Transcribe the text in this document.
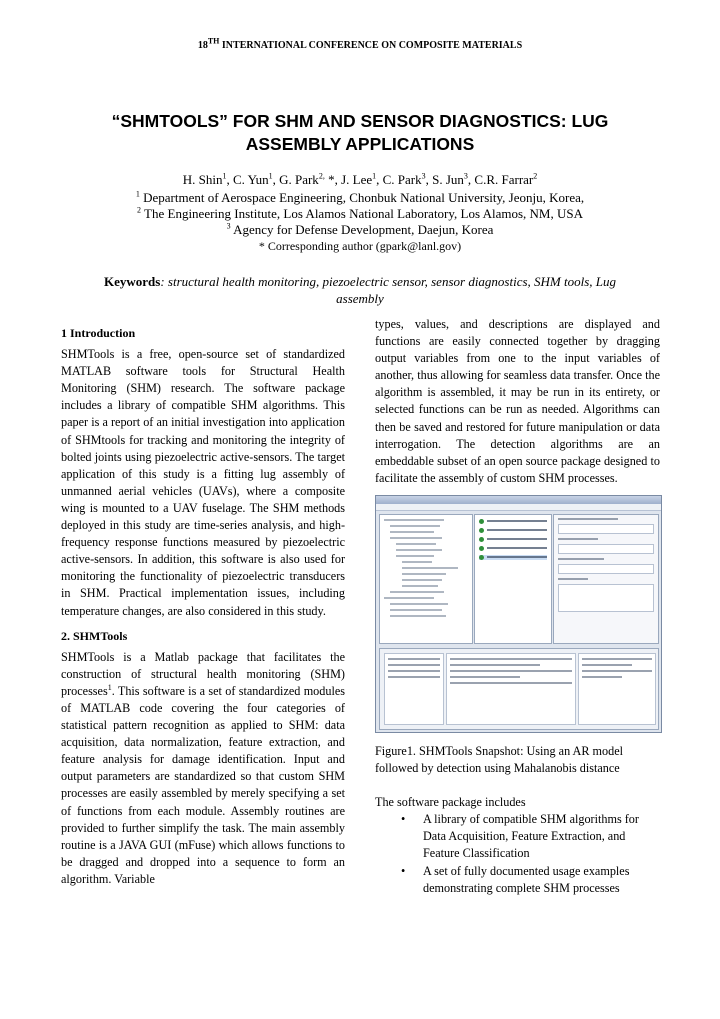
18TH INTERNATIONAL CONFERENCE ON COMPOSITE MATERIALS
“SHMTOOLS” FOR SHM AND SENSOR DIAGNOSTICS: LUG
ASSEMBLY APPLICATIONS
H. Shin$^1$, C. Yun$^1$, G. Park$^{2,}$ *, J. Lee$^1$, C. Park$^3$, S. Jun$^3$, C.R. Farrar$^2$
$^1$ Department of Aerospace Engineering, Chonbuk National University, Jeonju, Korea,
$^2$ The Engineering Institute, Los Alamos National Laboratory, Los Alamos, NM, USA
$^3$ Agency for Defense Development, Daejun, Korea
* Corresponding author (gpark@lanl.gov)
Keywords: structural health monitoring, piezoelectric sensor, sensor diagnostics, SHM tools, Lug assembly
1 Introduction

SHMTools is a free, open-source set of standardized MATLAB software tools for Structural Health Monitoring (SHM) research. The software package includes a library of compatible SHM algorithms. This paper is a report of an initial investigation into application of SHMtools for tracking and monitoring the integrity of bolted joints using piezoelectric active-sensors. The target application of this study is a fitting lug assembly of unmanned aerial vehicles (UAVs), where a composite wing is mounted to a UAV fuselage. The SHM methods deployed in this study are time-series analysis, and high-frequency response functions measured by piezoelectric active-sensors. In addition, this software is also used for monitoring the functionality of piezoelectric transducers in SHM. Practical implementation issues, including temperature changes, are also considered in this study.

2. SHMTools

SHMTools is a Matlab package that facilitates the construction of structural health monitoring (SHM) processes$^1$. This software is a set of standardized modules of MATLAB code covering the four categories of statistical pattern recognition as applied to SHM: data acquisition, data normalization, feature extraction, and feature analysis for damage identification. Input and output parameters are standardized so that custom SHM processes are easily assembled by merely specifying a set of functions from each module. Assembly routines are provided to further simplify the task. The main assembly routine is a JAVA GUI (mFuse) which allows functions to be dragged and dropped into a sequence to form an algorithm. Variable

types, values, and descriptions are displayed and functions are easily connected together by dragging output variables from one to the input variables of another, thus allowing for seamless data transfer. Once the algorithm is assembled, it may be run in its entirety, or selected functions can be run as needed. Algorithms can then be saved and restored for future manipulation or data interrogation. The detection algorithms are an embeddable subset of an open source package designed to facilitate the assembly of custom SHM processes.

Figure1. SHMTools Snapshot: Using an AR model followed by detection using Mahalanobis distance

The software package includes

• A library of compatible SHM algorithms for Data Acquisition, Feature Extraction, and Feature Classification
• A set of fully documented usage examples demonstrating complete SHM processes
